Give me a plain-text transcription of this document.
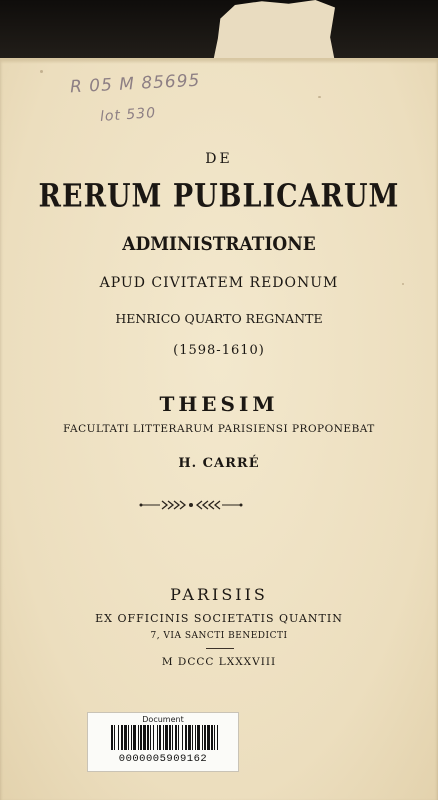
R 05 M 85695
lot 530
DE
RERUM PUBLICARUM
ADMINISTRATIONE
APUD CIVITATEM REDONUM
HENRICO QUARTO REGNANTE
(1598-1610)
THESIM
FACULTATI LITTERARUM PARISIENSI PROPONEBAT
H. CARRÉ
PARISIIS
EX OFFICINIS SOCIETATIS QUANTIN
7, VIA SANCTI BENEDICTI
M DCCC LXXXVIII
Document
0000005909162
